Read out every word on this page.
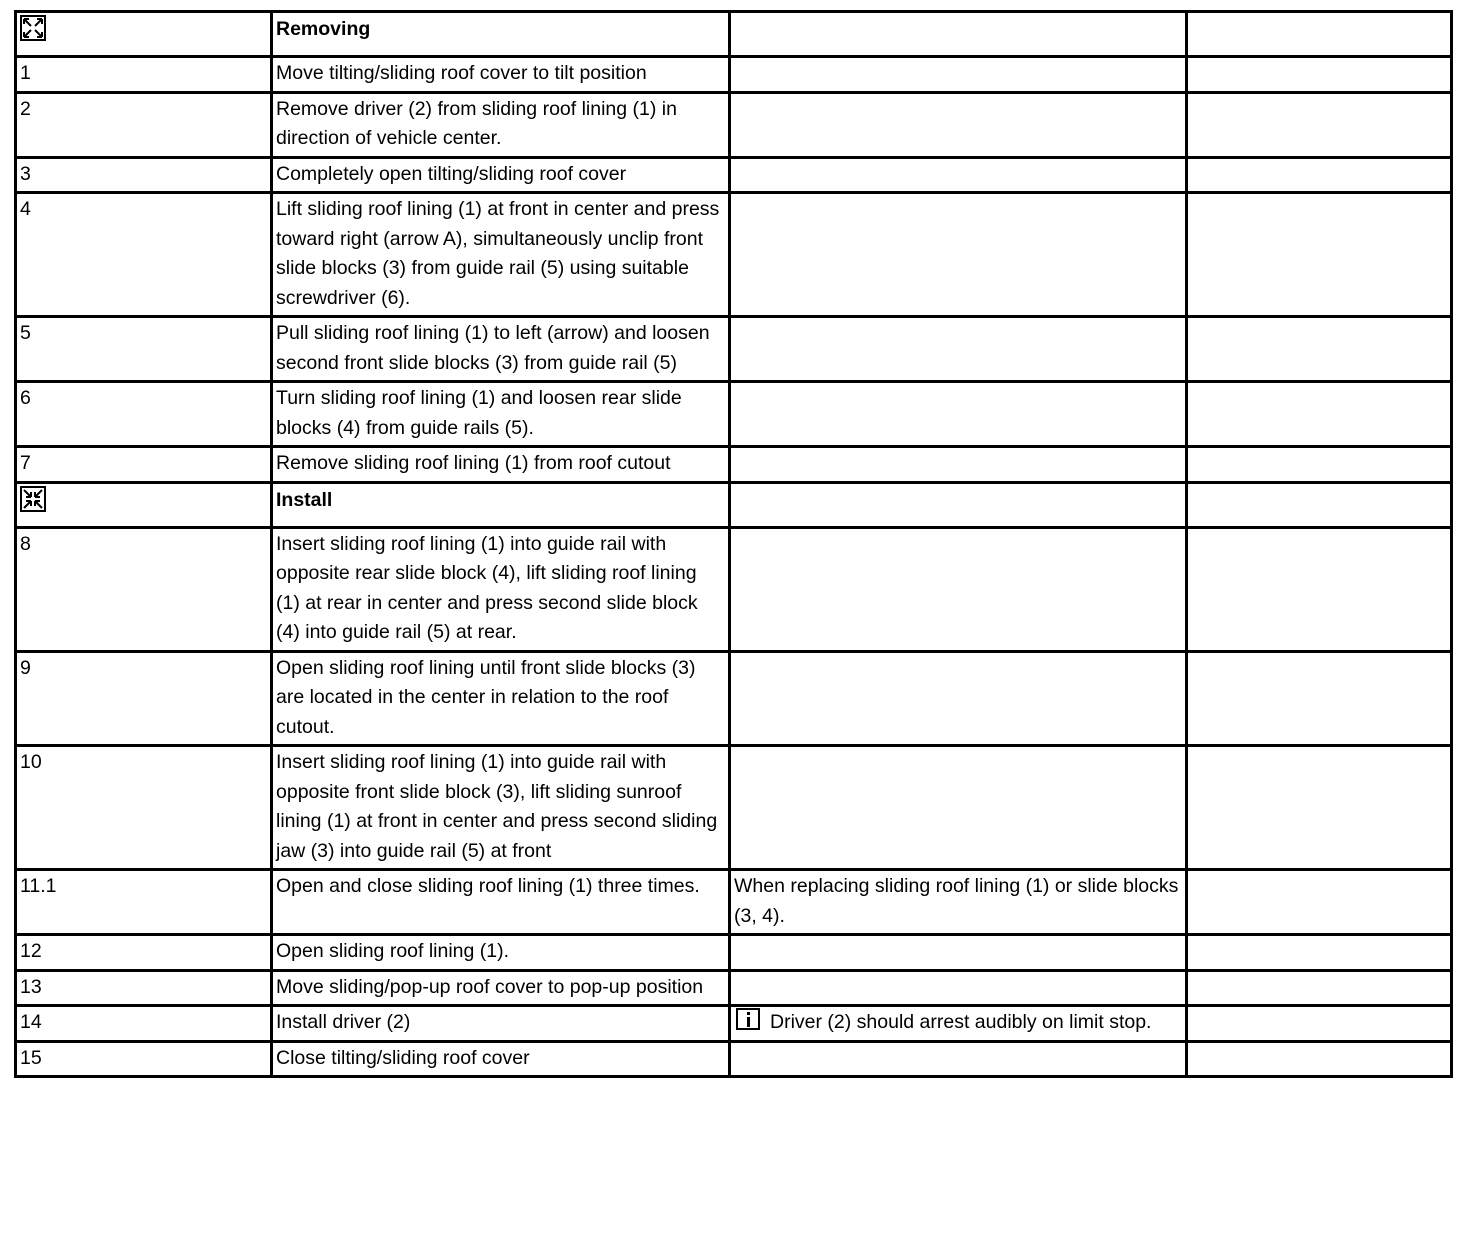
	Removing		
1	Move tilting/sliding roof cover to tilt position		
2	Remove driver (2) from sliding roof lining (1) in direction of vehicle center.		
3	Completely open tilting/sliding roof cover		
4	Lift sliding roof lining (1) at front in center and press toward right (arrow A), simultaneously unclip front slide blocks (3) from guide rail (5) using suitable screwdriver (6).		
5	Pull sliding roof lining (1) to left (arrow) and loosen second front slide blocks (3) from guide rail (5)		
6	Turn sliding roof lining (1) and loosen rear slide blocks (4) from guide rails (5).		
7	Remove sliding roof lining (1) from roof cutout		
	Install		
8	Insert sliding roof lining (1) into guide rail with opposite rear slide block (4), lift sliding roof lining (1) at rear in center and press second slide block (4) into guide rail (5) at rear.		
9	Open sliding roof lining until front slide blocks (3) are located in the center in relation to the roof cutout.		
10	Insert sliding roof lining (1) into guide rail with opposite front slide block (3), lift sliding sunroof lining (1) at front in center and press second sliding jaw (3) into guide rail (5) at front		
11.1	Open and close sliding roof lining (1) three times.	When replacing sliding roof lining (1) or slide blocks (3, 4).	
12	Open sliding roof lining (1).		
13	Move sliding/pop-up roof cover to pop-up position		
14	Install driver (2)	Driver (2) should arrest audibly on limit stop.	
15	Close tilting/sliding roof cover		
